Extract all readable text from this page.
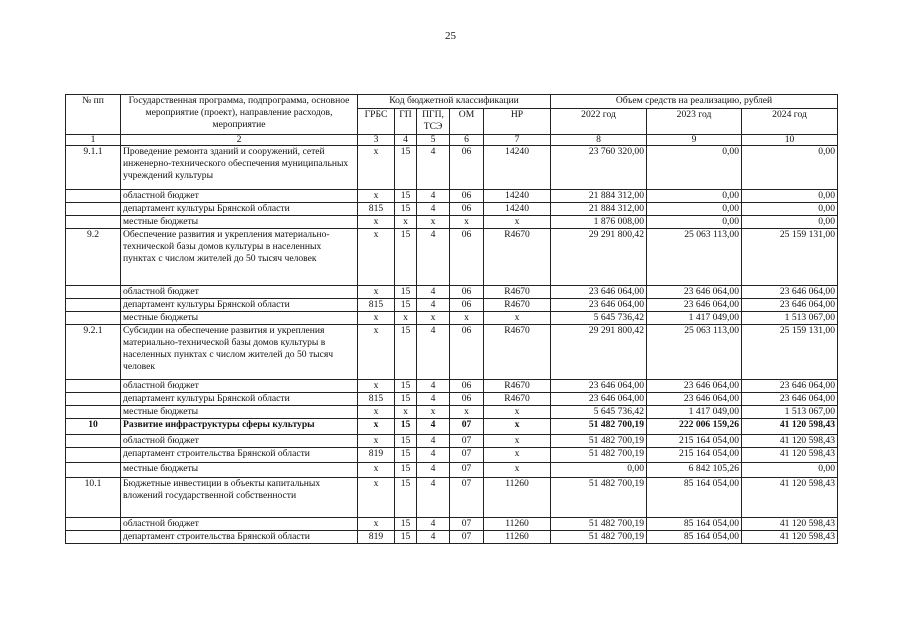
25
№ пп	Государственная программа, подпрограмма, основное мероприятие (проект), направление расходов, мероприятие	Код бюджетной классификации					Объем средств на реализацию, рублей		
		ГРБС	ГП	ПГП, ТСЭ	ОМ	НР	2022 год	2023 год	2024 год
1	2	3	4	5	6	7	8	9	10
9.1.1	Проведение ремонта зданий и сооружений, сетей инженерно-технического обеспечения муниципальных учреждений культуры	х	15	4	06	14240	23 760 320,00	0,00	0,00
	областной бюджет	х	15	4	06	14240	21 884 312,00	0,00	0,00
	департамент культуры Брянской области	815	15	4	06	14240	21 884 312,00	0,00	0,00
	местные бюджеты	х	х	х	х	х	1 876 008,00	0,00	0,00
9.2	Обеспечение развития и укрепления материально-технической базы домов культуры в населенных пунктах с числом жителей до 50 тысяч человек	х	15	4	06	R4670	29 291 800,42	25 063 113,00	25 159 131,00
	областной бюджет	х	15	4	06	R4670	23 646 064,00	23 646 064,00	23 646 064,00
	департамент культуры Брянской области	815	15	4	06	R4670	23 646 064,00	23 646 064,00	23 646 064,00
	местные бюджеты	х	х	х	х	х	5 645 736,42	1 417 049,00	1 513 067,00
9.2.1	Субсидии на обеспечение развития и укрепления материально-технической базы домов культуры в населенных пунктах с числом жителей до 50 тысяч человек	х	15	4	06	R4670	29 291 800,42	25 063 113,00	25 159 131,00
	областной бюджет	х	15	4	06	R4670	23 646 064,00	23 646 064,00	23 646 064,00
	департамент культуры Брянской области	815	15	4	06	R4670	23 646 064,00	23 646 064,00	23 646 064,00
	местные бюджеты	х	х	х	х	х	5 645 736,42	1 417 049,00	1 513 067,00
10	Развитие инфраструктуры сферы культуры	х	15	4	07	х	51 482 700,19	222 006 159,26	41 120 598,43
	областной бюджет	х	15	4	07	х	51 482 700,19	215 164 054,00	41 120 598,43
	департамент строительства Брянской области	819	15	4	07	х	51 482 700,19	215 164 054,00	41 120 598,43
	местные бюджеты	х	15	4	07	х	0,00	6 842 105,26	0,00
10.1	Бюджетные инвестиции в объекты капитальных вложений государственной собственности	х	15	4	07	11260	51 482 700,19	85 164 054,00	41 120 598,43
	областной бюджет	х	15	4	07	11260	51 482 700,19	85 164 054,00	41 120 598,43
	департамент строительства Брянской области	819	15	4	07	11260	51 482 700,19	85 164 054,00	41 120 598,43
